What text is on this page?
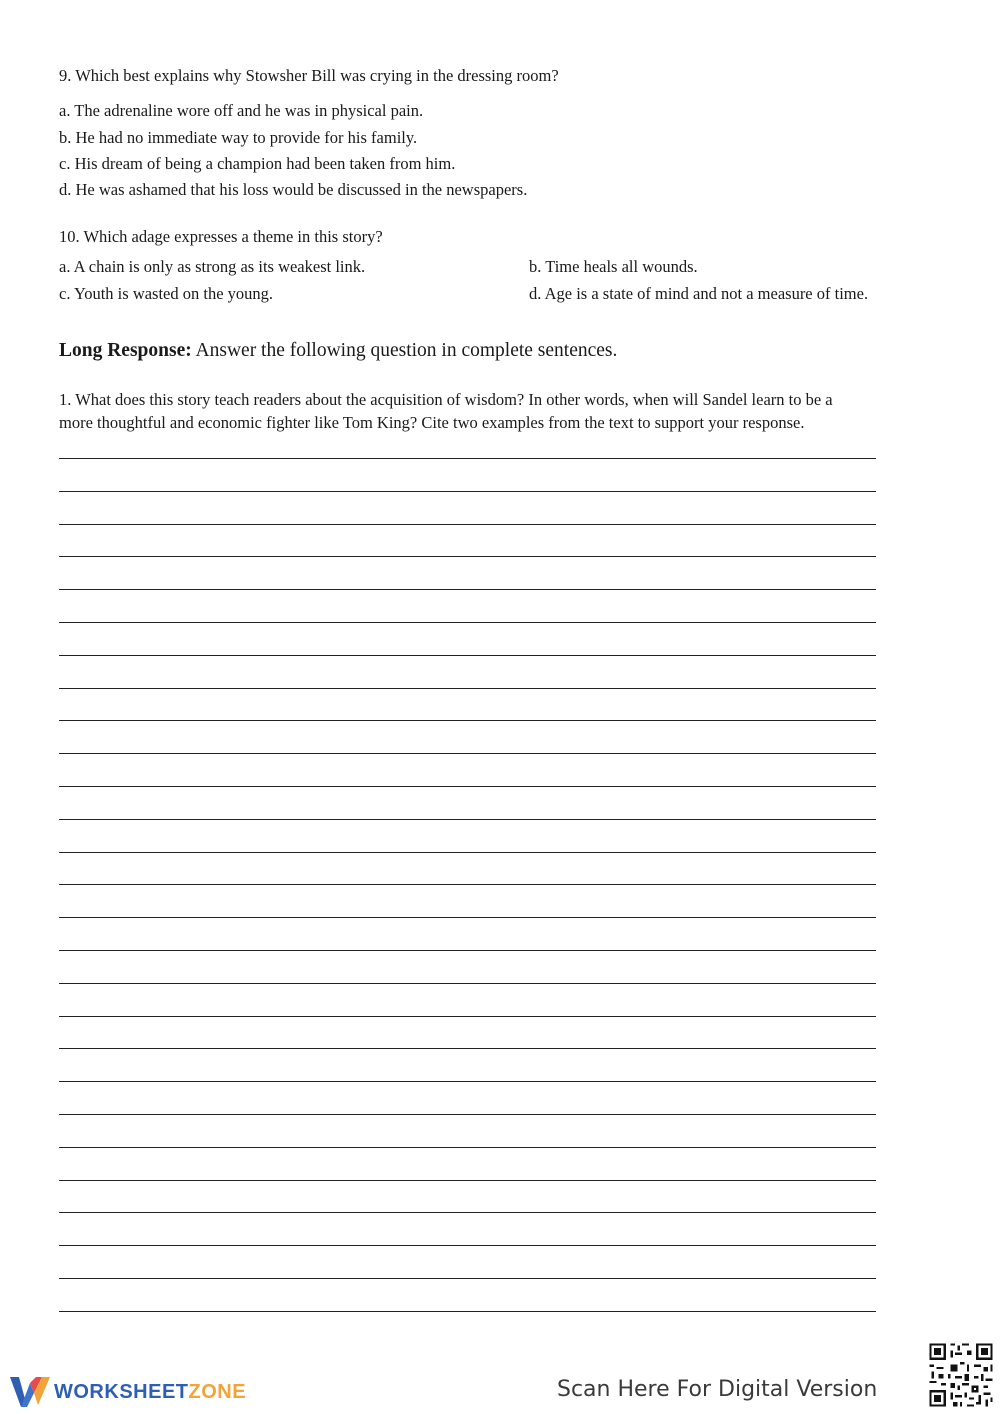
9. Which best explains why Stowsher Bill was crying in the dressing room?
a. The adrenaline wore off and he was in physical pain.
b. He had no immediate way to provide for his family.
c. His dream of being a champion had been taken from him.
d. He was ashamed that his loss would be discussed in the newspapers.
10. Which adage expresses a theme in this story?
a. A chain is only as strong as its weakest link.	b. Time heals all wounds.
c. Youth is wasted on the young.	d. Age is a state of mind and not a measure of time.
Long Response: Answer the following question in complete sentences.
1. What does this story teach readers about the acquisition of wisdom? In other words, when will Sandel learn to be a
more thoughtful and economic fighter like Tom King? Cite two examples from the text to support your response.
WORKSHEETZONE	Scan Here For Digital Version
